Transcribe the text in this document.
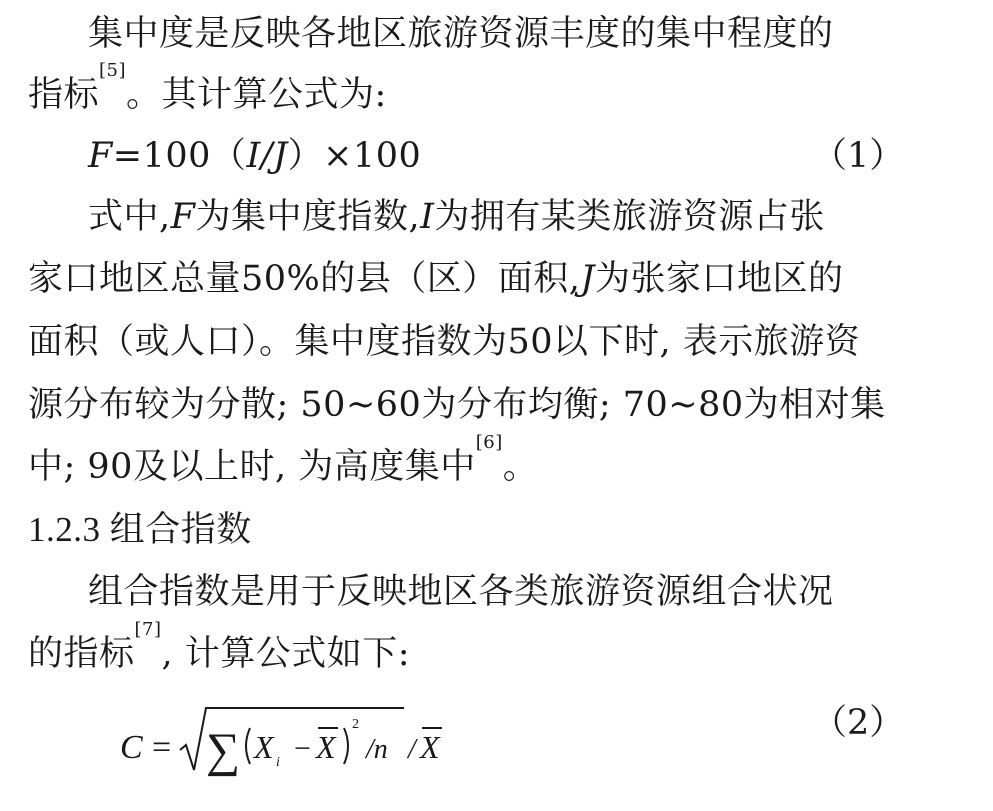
集中度是反映各地区旅游资源丰度的集中程度的
指标[5]。其计算公式为:
F=100（I/J）×100	（1）
式中,F为集中度指数,I为拥有某类旅游资源占张
家口地区总量50%的县（区）面积,J为张家口地区的
面积（或人口）。集中度指数为50以下时, 表示旅游资
源分布较为分散; 50~60为分布均衡; 70~80为相对集
中; 90及以上时, 为高度集中[6]。
1.2.3 组合指数
组合指数是用于反映地区各类旅游资源组合状况
的指标[7], 计算公式如下:
C = ∑ X i − X
2
/n / X
（2）
